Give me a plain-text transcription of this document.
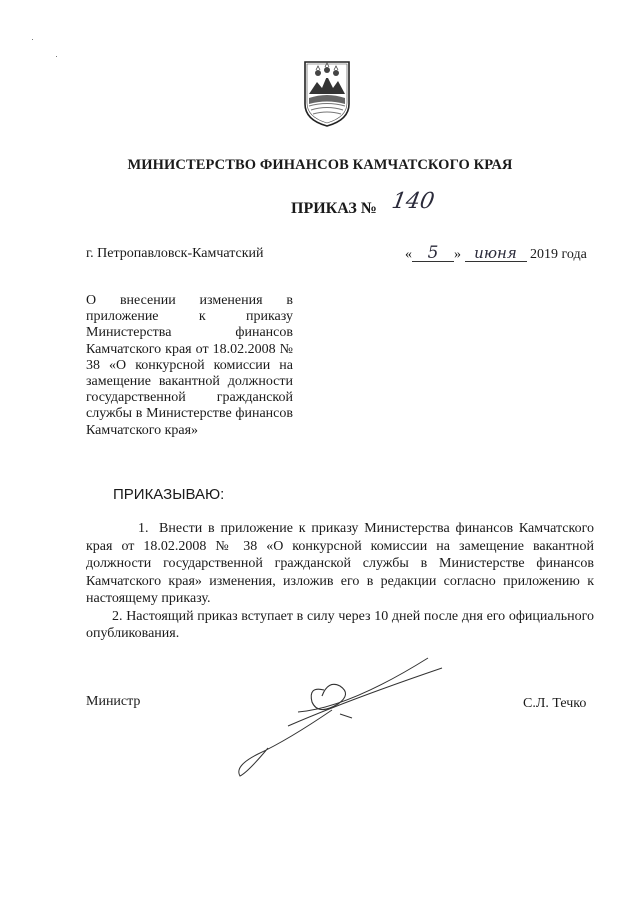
МИНИСТЕРСТВО ФИНАНСОВ КАМЧАТСКОГО КРАЯ
ПРИКАЗ № 140
г. Петропавловск-Камчатский	« 5 » июня 2019 года
О внесении изменения в приложение к приказу Министерства финансов Камчатского края от 18.02.2008 № 38 «О конкурсной комиссии на замещение вакантной должности государственной гражданской службы в Министерстве финансов Камчатского края»
ПРИКАЗЫВАЮ:

1. Внести в приложение к приказу Министерства финансов Камчатского края от 18.02.2008 № 38 «О конкурсной комиссии на замещение вакантной должности государственной гражданской службы в Министерстве финансов Камчатского края» изменения, изложив его в редакции согласно приложению к настоящему приказу.

2. Настоящий приказ вступает в силу через 10 дней после дня его официального опубликования.

Министр	С.Л. Течко
